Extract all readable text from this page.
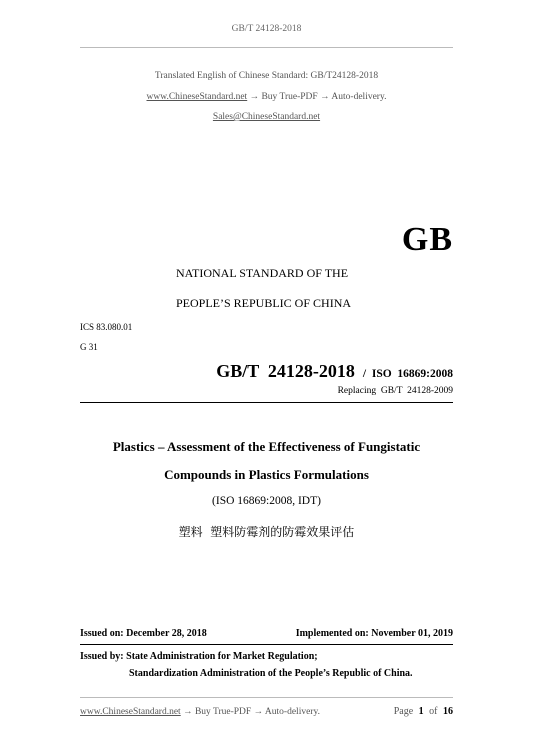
GB/T 24128-2018
Translated English of Chinese Standard: GB/T24128-2018
www.ChineseStandard.net → Buy True-PDF → Auto-delivery.
Sales@ChineseStandard.net
GB
NATIONAL STANDARD OF THE
PEOPLE’S REPUBLIC OF CHINA
ICS 83.080.01
G 31
GB/T  24128-2018 /  ISO  16869:2008
Replacing  GB/T  24128-2009
Plastics – Assessment of the Effectiveness of Fungistatic
Compounds in Plastics Formulations
(ISO 16869:2008, IDT)
塑料  塑料防霉剂的防霉效果评估
Issued on: December 28, 2018	Implemented on: November 01, 2019
Issued by: State Administration for Market Regulation;
Standardization Administration of the People’s Republic of China.
www.ChineseStandard.net → Buy True-PDF → Auto-delivery.	Page 1 of 16
